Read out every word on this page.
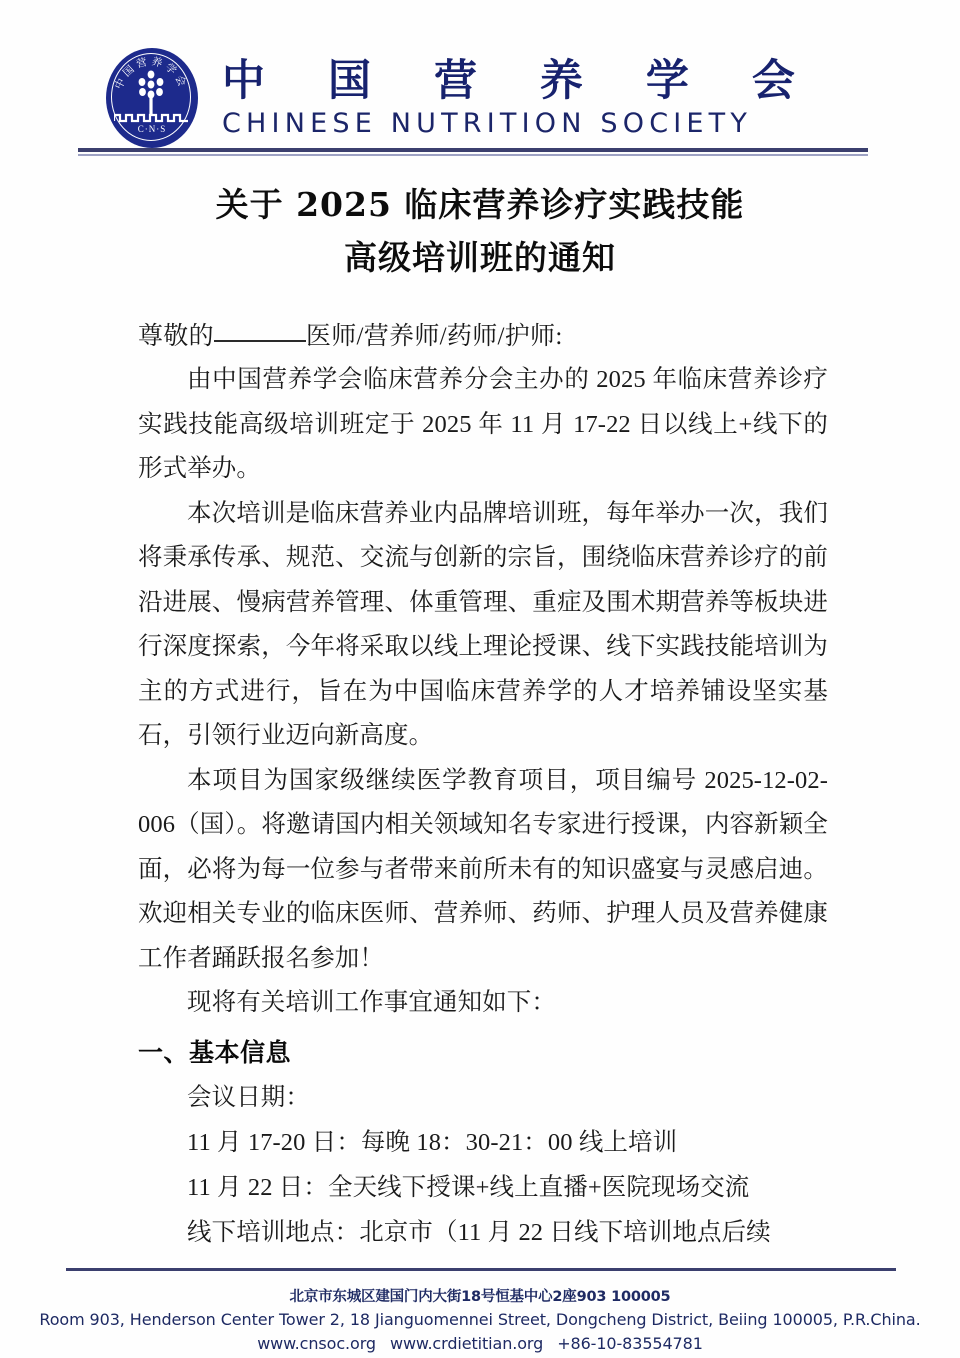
中国营养学会
C·N·S
中 国 营 养 学 会
CHINESE NUTRITION SOCIETY
关于 2025 临床营养诊疗实践技能
高级培训班的通知
尊敬的	医师/营养师/药师/护师:

由中国营养学会临床营养分会主办的 2025 年临床营养诊疗实践技能高级培训班定于 2025 年 11 月 17-22 日以线上+线下的形式举办。

本次培训是临床营养业内品牌培训班，每年举办一次，我们将秉承传承、规范、交流与创新的宗旨，围绕临床营养诊疗的前沿进展、慢病营养管理、体重管理、重症及围术期营养等板块进行深度探索，今年将采取以线上理论授课、线下实践技能培训为主的方式进行，旨在为中国临床营养学的人才培养铺设坚实基石，引领行业迈向新高度。

本项目为国家级继续医学教育项目，项目编号 2025-12-02-006（国）。将邀请国内相关领域知名专家进行授课，内容新颖全面，必将为每一位参与者带来前所未有的知识盛宴与灵感启迪。欢迎相关专业的临床医师、营养师、药师、护理人员及营养健康工作者踊跃报名参加！

现将有关培训工作事宜通知如下：

一、基本信息
会议日期：
11 月 17-20 日：每晚 18：30-21：00 线上培训
11 月 22 日：全天线下授课+线上直播+医院现场交流
线下培训地点：北京市（11 月 22 日线下培训地点后续
北京市东城区建国门内大街18号恒基中心2座903 100005
Room 903, Henderson Center Tower 2, 18 Jianguomennei Street, Dongcheng District, Beiing 100005, P.R.China.
www.cnsoc.org www.crdietitian.org +86-10-83554781
